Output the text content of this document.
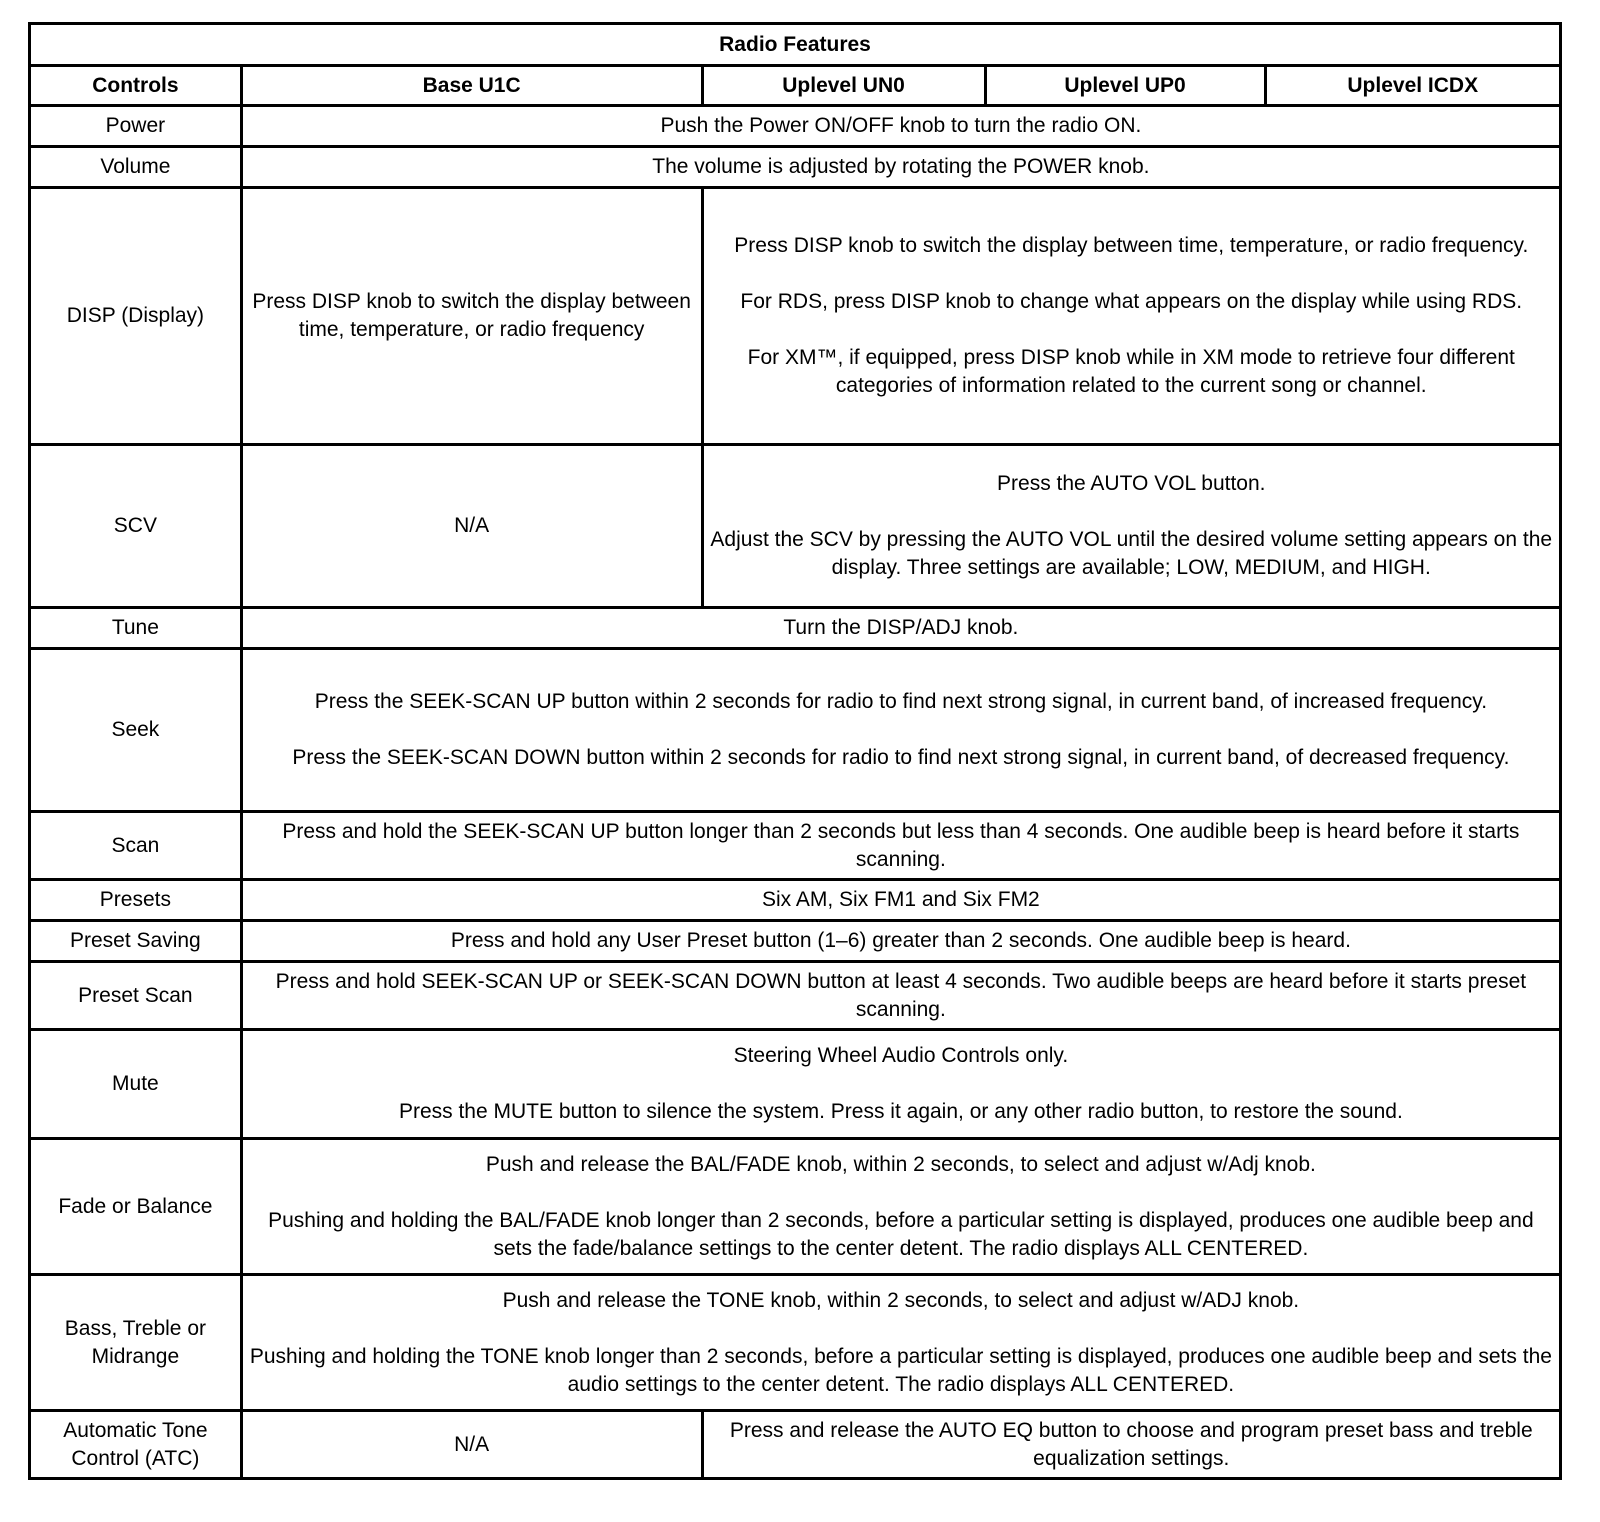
Radio Features				
Controls	Base U1C	Uplevel UN0	Uplevel UP0	Uplevel ICDX
Power	Push the Power ON/OFF knob to turn the radio ON.			
Volume	The volume is adjusted by rotating the POWER knob.			
DISP (Display)	Press DISP knob to switch the display between time, temperature, or radio frequency	Press DISP knob to switch the display between time, temperature, or radio frequency.

For RDS, press DISP knob to change what appears on the display while using RDS.

For XM™, if equipped, press DISP knob while in XM mode to retrieve four different categories of information related to the current song or channel.		
SCV	N/A	Press the AUTO VOL button.

Adjust the SCV by pressing the AUTO VOL until the desired volume setting appears on the display. Three settings are available; LOW, MEDIUM, and HIGH.		
Tune	Turn the DISP/ADJ knob.			
Seek	Press the SEEK-SCAN UP button within 2 seconds for radio to find next strong signal, in current band, of increased frequency.

Press the SEEK-SCAN DOWN button within 2 seconds for radio to find next strong signal, in current band, of decreased frequency.			
Scan	Press and hold the SEEK-SCAN UP button longer than 2 seconds but less than 4 seconds. One audible beep is heard before it starts scanning.			
Presets	Six AM, Six FM1 and Six FM2			
Preset Saving	Press and hold any User Preset button (1–6) greater than 2 seconds. One audible beep is heard.			
Preset Scan	Press and hold SEEK-SCAN UP or SEEK-SCAN DOWN button at least 4 seconds. Two audible beeps are heard before it starts preset scanning.			
Mute	Steering Wheel Audio Controls only.

Press the MUTE button to silence the system. Press it again, or any other radio button, to restore the sound.			
Fade or Balance	Push and release the BAL/FADE knob, within 2 seconds, to select and adjust w/Adj knob.

Pushing and holding the BAL/FADE knob longer than 2 seconds, before a particular setting is displayed, produces one audible beep and sets the fade/balance settings to the center detent. The radio displays ALL CENTERED.			
Bass, Treble or Midrange	Push and release the TONE knob, within 2 seconds, to select and adjust w/ADJ knob.

Pushing and holding the TONE knob longer than 2 seconds, before a particular setting is displayed, produces one audible beep and sets the audio settings to the center detent. The radio displays ALL CENTERED.			
Automatic Tone Control (ATC)	N/A	Press and release the AUTO EQ button to choose and program preset bass and treble equalization settings.		
